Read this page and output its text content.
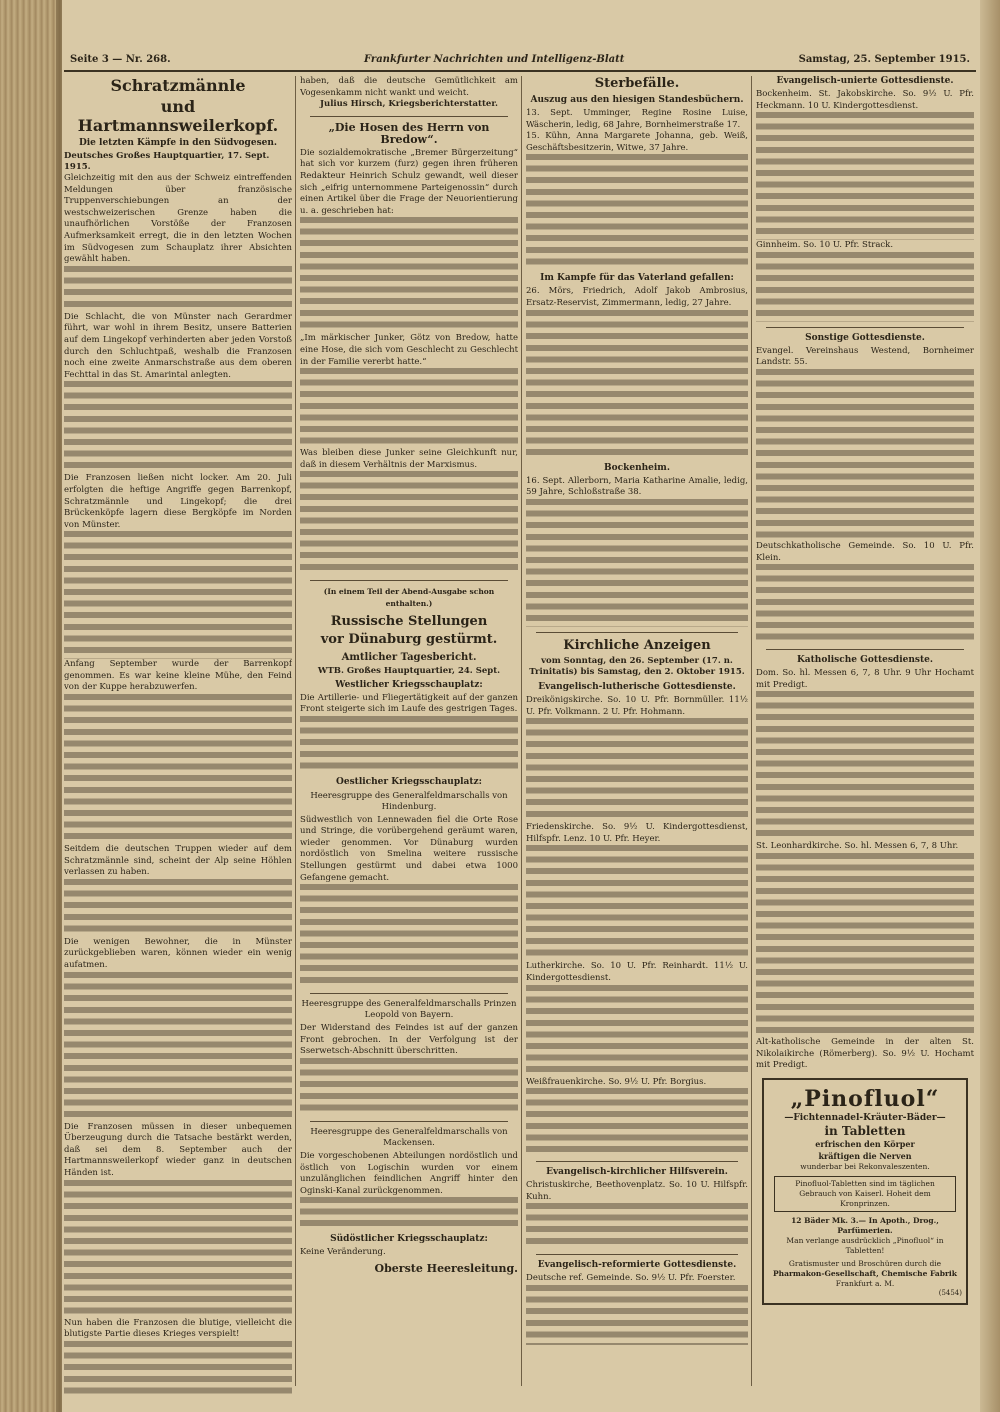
Seite 3 — Nr. 268.	Frankfurter Nachrichten und Intelligenz-Blatt	Samstag, 25. September 1915.
Schratzmännle
und Hartmannsweilerkopf.
Die letzten Kämpfe in den Südvogesen.
Deutsches Großes Hauptquartier, 17. Sept. 1915.

Gleichzeitig mit den aus der Schweiz eintreffenden Meldungen über französische Truppenverschiebungen an der westschweizerischen Grenze haben die unaufhörlichen Vorstöße der Franzosen Aufmerksamkeit erregt, die in den letzten Wochen im Südvogesen zum Schauplatz ihrer Absichten gewählt haben.

Die Schlacht, die von Münster nach Gerardmer führt, war wohl in ihrem Besitz, unsere Batterien auf dem Lingekopf verhinderten aber jeden Vorstoß durch den Schluchtpaß, weshalb die Franzosen noch eine zweite Anmarschstraße aus dem oberen Fechttal in das St. Amarintal anlegten.

Die Franzosen ließen nicht locker. Am 20. Juli erfolgten die heftige Angriffe gegen Barrenkopf, Schratzmännle und Lingekopf; die drei Brückenköpfe lagern diese Bergköpfe im Norden von Münster.

Anfang September wurde der Barrenkopf genommen. Es war keine kleine Mühe, den Feind von der Kuppe herabzuwerfen.

Seitdem die deutschen Truppen wieder auf dem Schratzmännle sind, scheint der Alp seine Höhlen verlassen zu haben.

Die wenigen Bewohner, die in Münster zurückgeblieben waren, können wieder ein wenig aufatmen.

Die Franzosen müssen in dieser unbequemen Überzeugung durch die Tatsache bestärkt werden, daß sei dem 8. September auch der Hartmannsweilerkopf wieder ganz in deutschen Händen ist.

Nun haben die Franzosen die blutige, vielleicht die blutigste Partie dieses Krieges verspielt!

haben, daß die deutsche Gemütlichkeit am Vogesenkamm nicht wankt und weicht.

Julius Hirsch, Kriegsberichterstatter.
„Die Hosen des Herrn von Bredow“.

Die sozialdemokratische „Bremer Bürgerzeitung“ hat sich vor kurzem (furz) gegen ihren früheren Redakteur Heinrich Schulz gewandt, weil dieser sich „eifrig unternommene Parteigenossin“ durch einen Artikel über die Frage der Neuorientierung u. a. geschrieben hat:

„Im märkischer Junker, Götz von Bredow, hatte eine Hose, die sich vom Geschlecht zu Geschlecht in der Familie vererbt hatte.“

Was bleiben diese Junker seine Gleichkunft nur, daß in diesem Verhältnis der Marxismus.

(In einem Teil der Abend-Ausgabe schon enthalten.)
Russische Stellungen
vor Dünaburg gestürmt.
Amtlicher Tagesbericht.
WTB. Großes Hauptquartier, 24. Sept.
Westlicher Kriegsschauplatz:

Die Artillerie- und Fliegertätigkeit auf der ganzen Front steigerte sich im Laufe des gestrigen Tages.

Oestlicher Kriegsschauplatz:
Heeresgruppe des Generalfeldmarschalls von Hindenburg.

Südwestlich von Lennewaden fiel die Orte Rose und Stringe, die vorübergehend geräumt waren, wieder genommen. Vor Dünaburg wurden nordöstlich von Smelina weitere russische Stellungen gestürmt und dabei etwa 1000 Gefangene gemacht.

Heeresgruppe des Generalfeldmarschalls Prinzen Leopold von Bayern.

Der Widerstand des Feindes ist auf der ganzen Front gebrochen. In der Verfolgung ist der Sserwetsch-Abschnitt überschritten.

Heeresgruppe des Generalfeldmarschalls von Mackensen.

Die vorgeschobenen Abteilungen nordöstlich und östlich von Logischin wurden vor einem unzulänglichen feindlichen Angriff hinter den Oginski-Kanal zurückgenommen.

Südöstlicher Kriegsschauplatz:

Keine Veränderung.

Oberste Heeresleitung.
Sterbefälle.
Auszug aus den hiesigen Standesbüchern.

13. Sept. Umminger, Regine Rosine Luise, Wäscherin, ledig, 68 Jahre, Bornheimerstraße 17.

15. Kühn, Anna Margarete Johanna, geb. Weiß, Geschäftsbesitzerin, Witwe, 37 Jahre.

Im Kampfe für das Vaterland gefallen:

26. Mörs, Friedrich, Adolf Jakob Ambrosius, Ersatz-Reservist, Zimmermann, ledig, 27 Jahre.

Bockenheim.

16. Sept. Allerborn, Maria Katharine Amalie, ledig, 59 Jahre, Schloßstraße 38.

Kirchliche Anzeigen
vom Sonntag, den 26. September (17. n. Trinitatis) bis Samstag, den 2. Oktober 1915.
Evangelisch-lutherische Gottesdienste.

Dreikönigskirche. So. 10 U. Pfr. Bornmüller. 11½ U. Pfr. Volkmann. 2 U. Pfr. Hohmann.

Friedenskirche. So. 9½ U. Kindergottesdienst, Hilfspfr. Lenz. 10 U. Pfr. Heyer.

Lutherkirche. So. 10 U. Pfr. Reinhardt. 11½ U. Kindergottesdienst.

Weißfrauenkirche. So. 9½ U. Pfr. Borgius.

Evangelisch-kirchlicher Hilfsverein.

Christuskirche, Beethovenplatz. So. 10 U. Hilfspfr. Kuhn.

Evangelisch-reformierte Gottesdienste.

Deutsche ref. Gemeinde. So. 9½ U. Pfr. Foerster.

Evangelisch-unierte Gottesdienste.

Bockenheim. St. Jakobskirche. So. 9½ U. Pfr. Heckmann. 10 U. Kindergottesdienst.

Ginnheim. So. 10 U. Pfr. Strack.

Sonstige Gottesdienste.

Evangel. Vereinshaus Westend, Bornheimer Landstr. 55.

Deutschkatholische Gemeinde. So. 10 U. Pfr. Klein.

Katholische Gottesdienste.

Dom. So. hl. Messen 6, 7, 8 Uhr. 9 Uhr Hochamt mit Predigt.

St. Leonhardkirche. So. hl. Messen 6, 7, 8 Uhr.

Alt-katholische Gemeinde in der alten St. Nikolaikirche (Römerberg). So. 9½ U. Hochamt mit Predigt.

„Pinofluol“
—Fichtennadel-Kräuter-Bäder—
in Tabletten
erfrischen den Körper
kräftigen die Nerven
wunderbar bei Rekonvaleszenten.
Pinofluol-Tabletten sind im täglichen Gebrauch von Kaiserl. Hoheit dem Kronprinzen.
12 Bäder Mk. 3.— In Apoth., Drog., Parfümerien.
Man verlange ausdrücklich „Pinofluol“ in Tabletten!
Gratismuster und Broschüren durch die
Pharmakon-Gesellschaft, Chemische Fabrik
Frankfurt a. M.
(5454)
